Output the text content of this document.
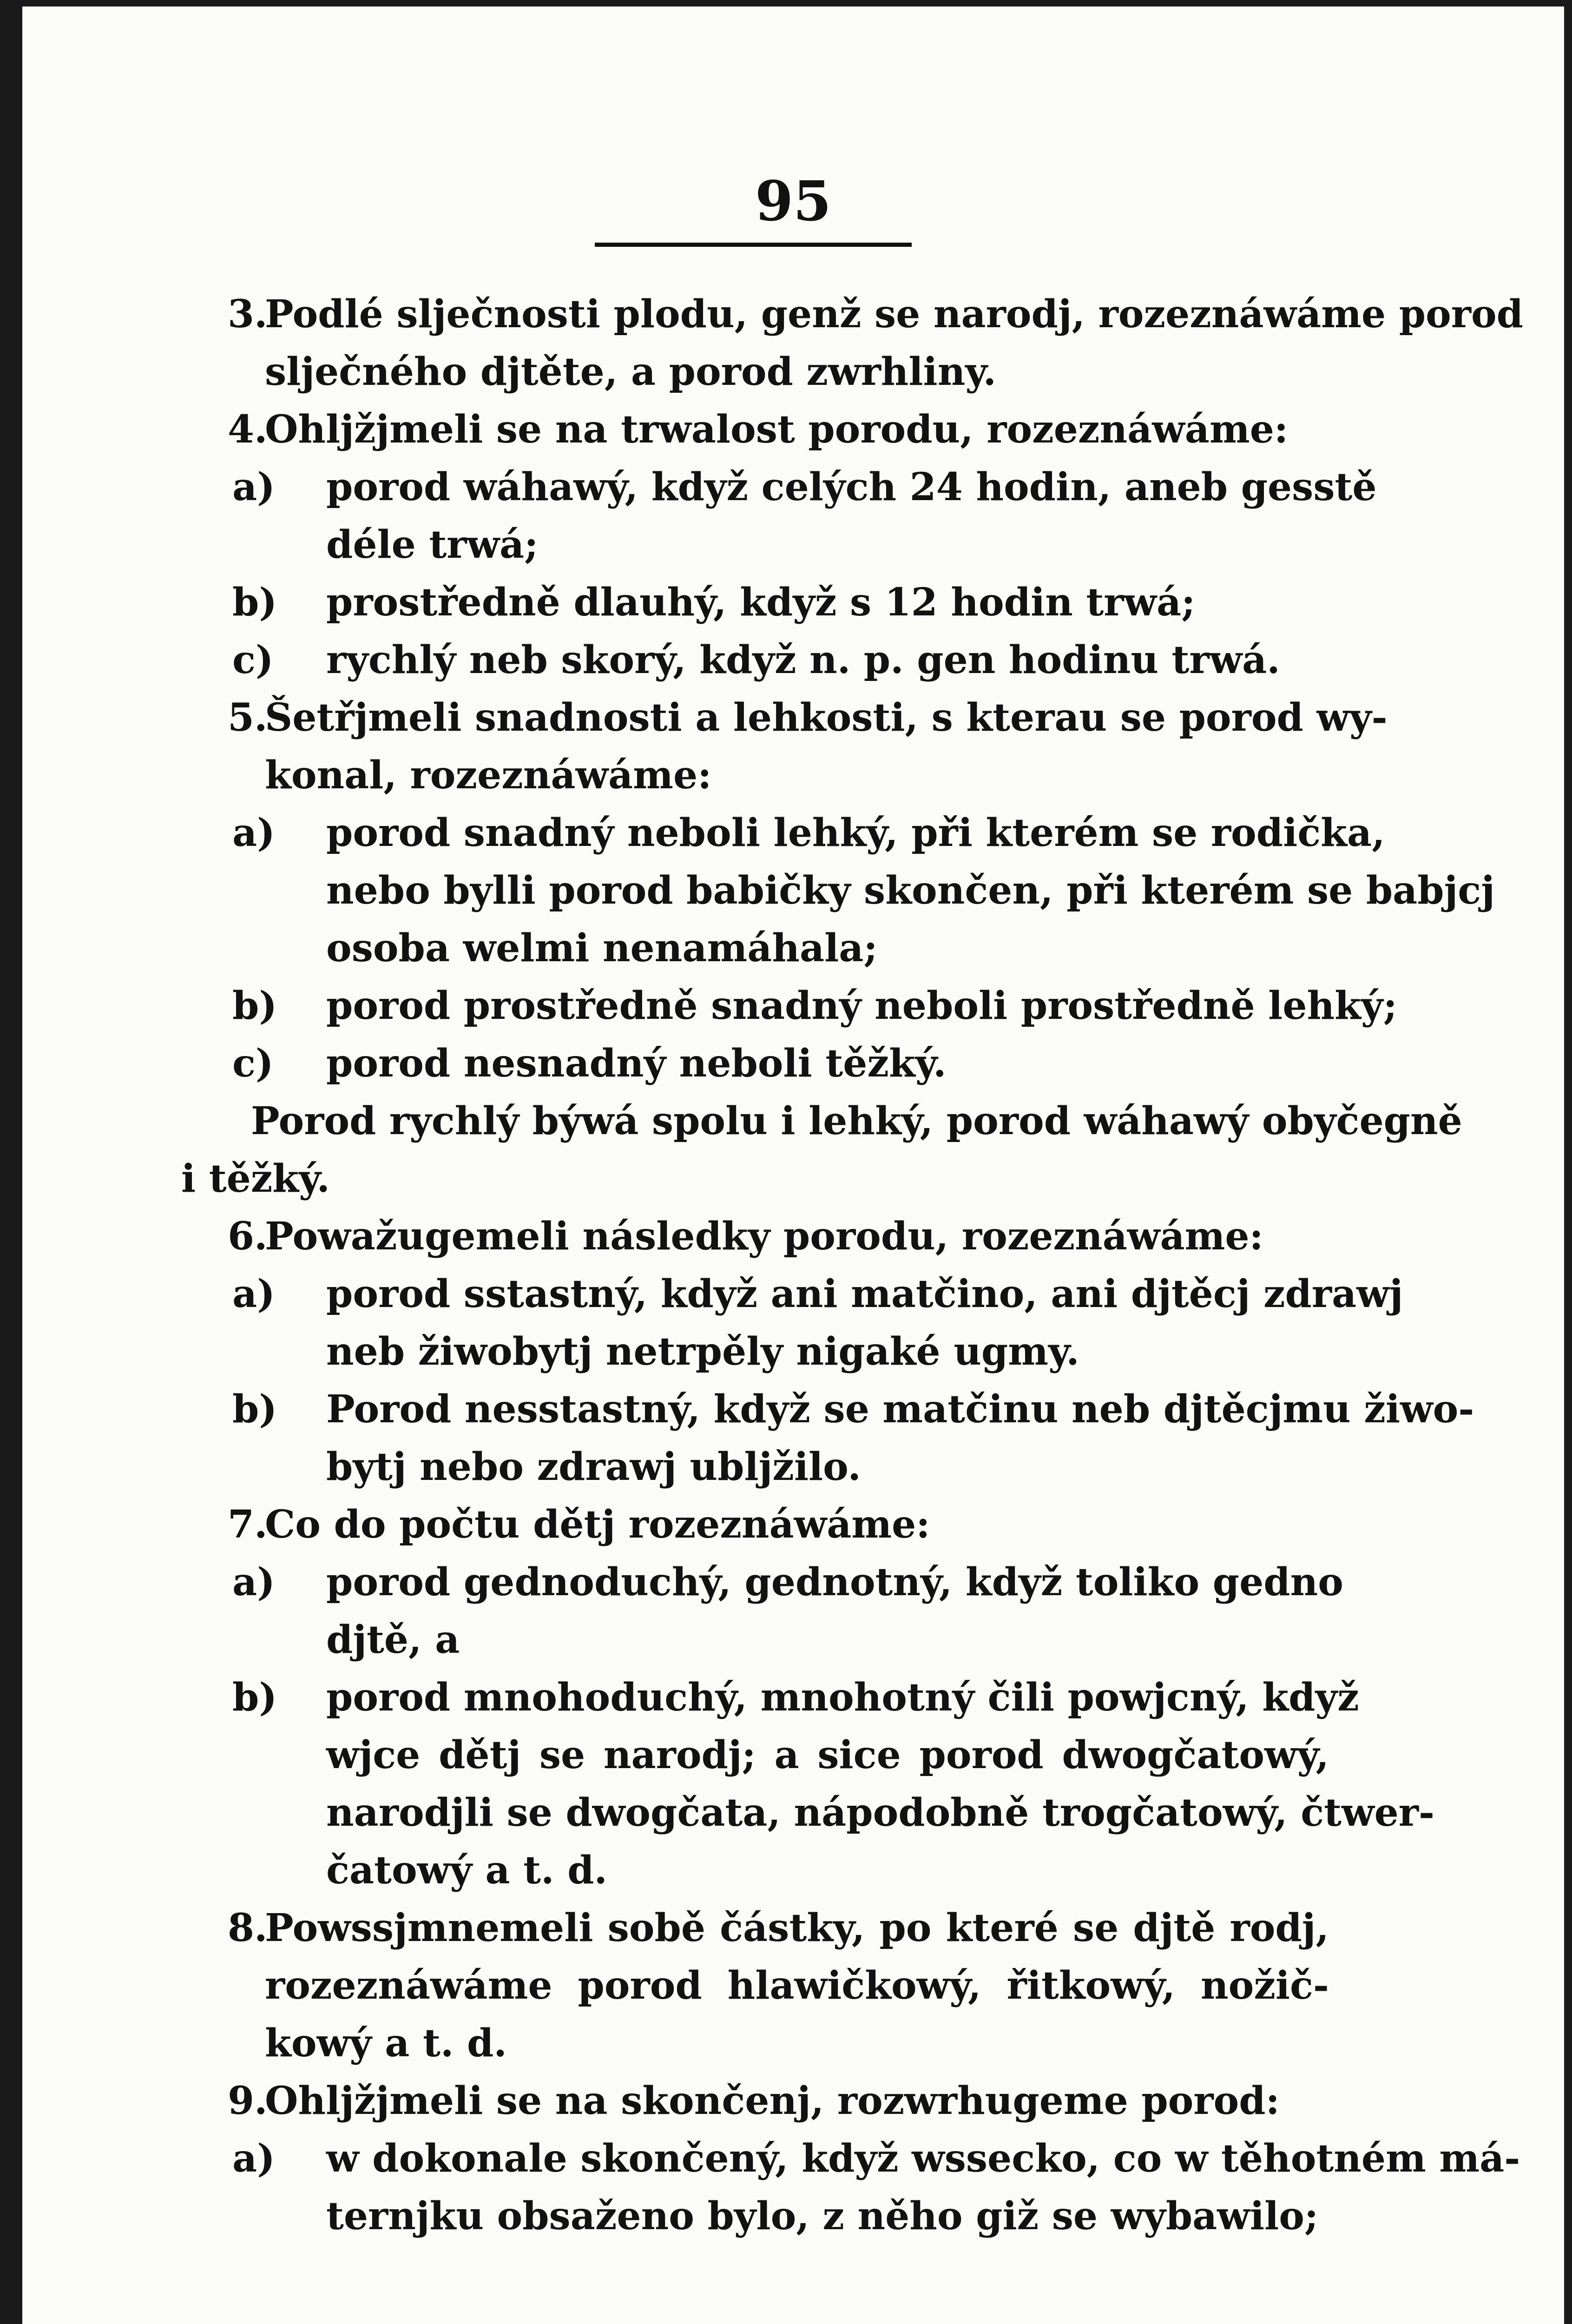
95
Podlé slječnosti plodu, genž se narodj, rozeznáwáme porod
3.
slječného djtěte, a porod zwrhliny.
Ohljžjmeli se na trwalost porodu, rozeznáwáme:
4.
porod wáhawý, když celých 24 hodin, aneb gesstě
a)
déle trwá;
prostředně dlauhý, když s 12 hodin trwá;
b)
rychlý neb skorý, když n. p. gen hodinu trwá.
c)
Šetřjmeli snadnosti a lehkosti, s kterau se porod wy-
5.
konal, rozeznáwáme:
porod snadný neboli lehký, při kterém se rodička,
a)
nebo bylli porod babičky skončen, při kterém se babjcj
osoba welmi nenamáhala;
porod prostředně snadný neboli prostředně lehký;
b)
porod nesnadný neboli těžký.
c)
Porod rychlý býwá spolu i lehký, porod wáhawý obyčegně
i těžký.
Powažugemeli následky porodu, rozeznáwáme:
6.
porod sstastný, když ani matčino, ani djtěcj zdrawj
a)
neb žiwobytj netrpěly nigaké ugmy.
Porod nesstastný, když se matčinu neb djtěcjmu žiwo-
b)
bytj nebo zdrawj ubljžilo.
Co do počtu dětj rozeznáwáme:
7.
porod gednoduchý, gednotný, když toliko gedno
a)
djtě, a
porod mnohoduchý, mnohotný čili powjcný, když
b)
wjce dětj se narodj; a sice porod dwogčatowý,
narodjli se dwogčata, nápodobně trogčatowý, čtwer-
čatowý a t. d.
Powssjmnemeli sobě částky, po které se djtě rodj,
8.
rozeznáwáme porod hlawičkowý, řitkowý, nožič-
kowý a t. d.
Ohljžjmeli se na skončenj, rozwrhugeme porod:
9.
w dokonale skončený, když wssecko, co w těhotném má-
a)
ternjku obsaženo bylo, z něho giž se wybawilo;
